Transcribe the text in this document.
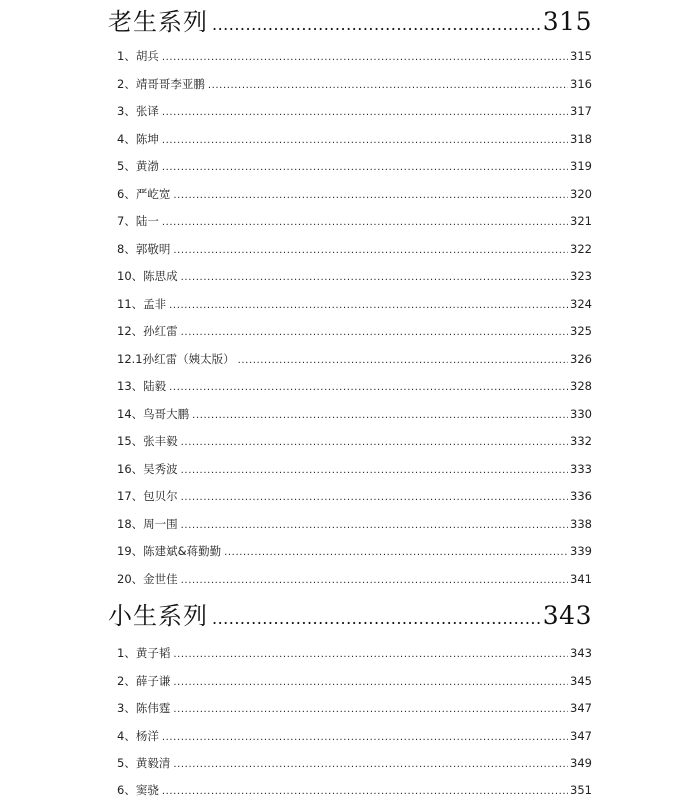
老生系列 .....	315
1、胡兵 .....	315
2、靖哥哥李亚鹏 .....	316
3、张译 .....	317
4、陈坤 .....	318
5、黄渤 .....	319
6、严屹宽 .....	320
7、陆一 .....	321
8、郭敬明 .....	322
10、陈思成 .....	323
11、孟非 .....	324
12、孙红雷 .....	325
12.1孙红雷（姨太版） .....	326
13、陆毅 .....	328
14、鸟哥大鹏 .....	330
15、张丰毅 .....	332
16、吴秀波 .....	333
17、包贝尔 .....	336
18、周一围 .....	338
19、陈建斌&蒋勤勤 .....	339
20、金世佳 .....	341
小生系列 .....	343
1、黄子韬 .....	343
2、薛子谦 .....	345
3、陈伟霆 .....	347
4、杨洋 .....	347
5、黄毅清 .....	349
6、窦骁 .....	351
